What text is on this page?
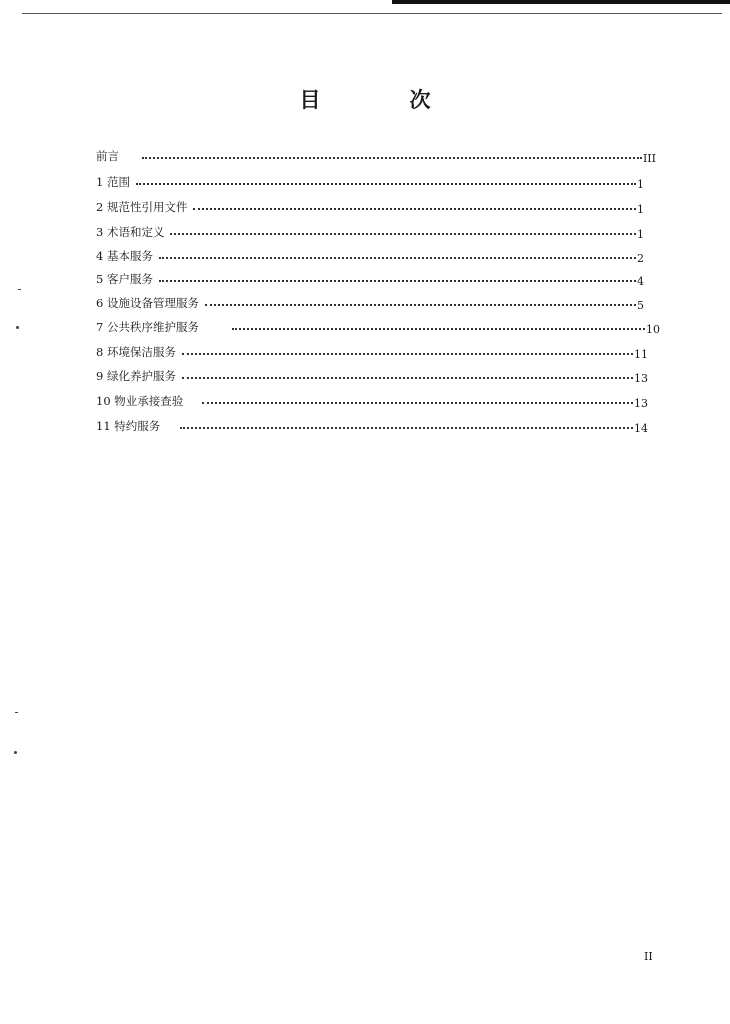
目　次
前言	III
1 范围	1
2 规范性引用文件	1
3 术语和定义	1
4 基本服务	2
5 客户服务	4
6 设施设备管理服务	5
7 公共秩序维护服务	10
8 环境保洁服务	11
9 绿化养护服务	13
10 物业承接查验	13
11 特约服务	14
II
